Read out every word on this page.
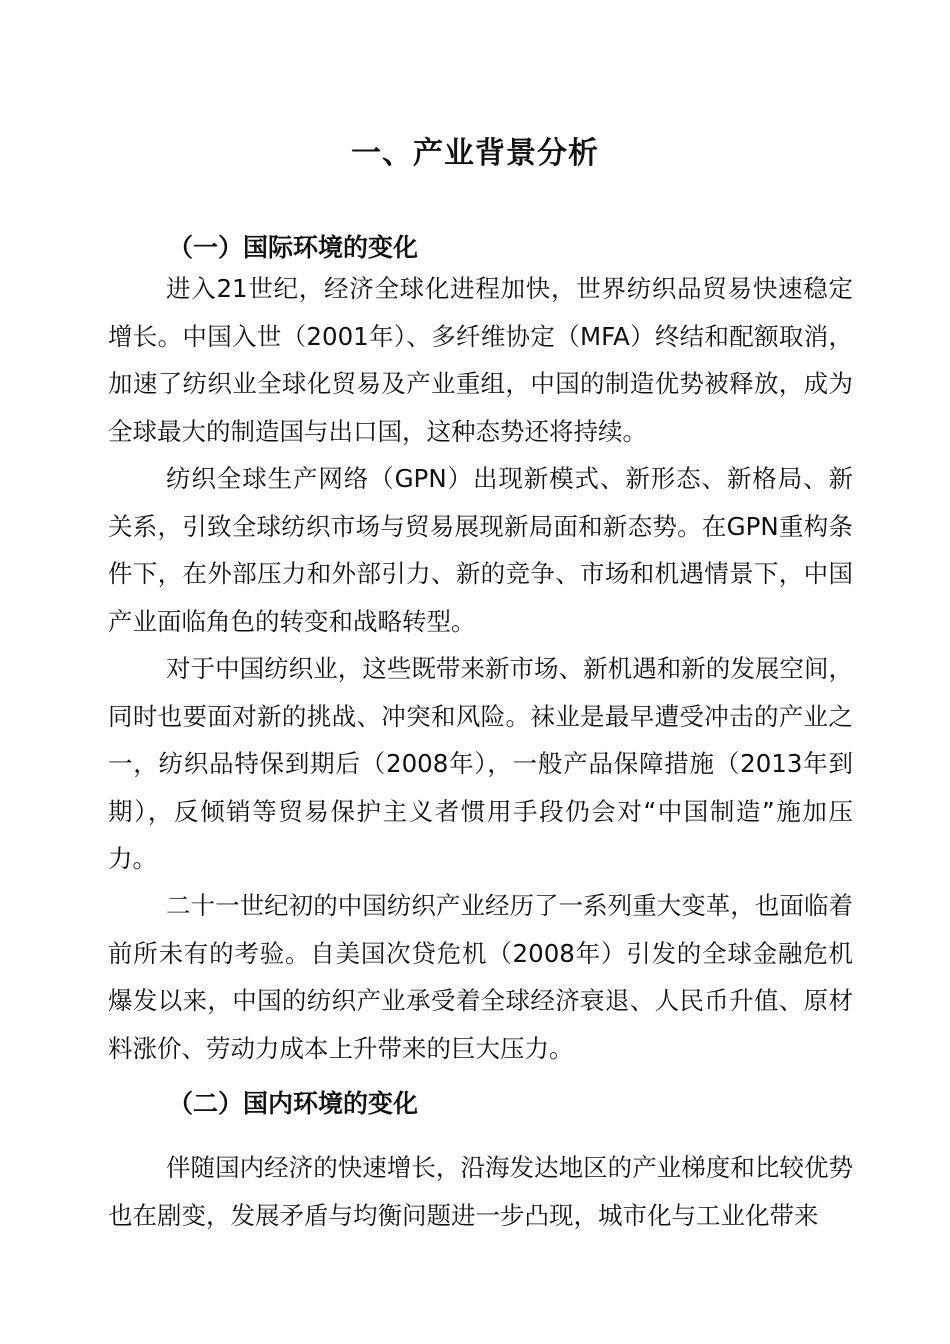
一、产业背景分析
（一）国际环境的变化

进入21世纪，经济全球化进程加快，世界纺织品贸易快速稳定增长。中国入世（2001年）、多纤维协定（MFA）终结和配额取消，加速了纺织业全球化贸易及产业重组，中国的制造优势被释放，成为全球最大的制造国与出口国，这种态势还将持续。

纺织全球生产网络（GPN）出现新模式、新形态、新格局、新关系，引致全球纺织市场与贸易展现新局面和新态势。在GPN重构条件下，在外部压力和外部引力、新的竞争、市场和机遇情景下，中国产业面临角色的转变和战略转型。

对于中国纺织业，这些既带来新市场、新机遇和新的发展空间，同时也要面对新的挑战、冲突和风险。袜业是最早遭受冲击的产业之一，纺织品特保到期后（2008年），一般产品保障措施（2013年到期），反倾销等贸易保护主义者惯用手段仍会对“中国制造”施加压力。

二十一世纪初的中国纺织产业经历了一系列重大变革，也面临着前所未有的考验。自美国次贷危机（2008年）引发的全球金融危机爆发以来，中国的纺织产业承受着全球经济衰退、人民币升值、原材料涨价、劳动力成本上升带来的巨大压力。

（二）国内环境的变化

伴随国内经济的快速增长，沿海发达地区的产业梯度和比较优势也在剧变，发展矛盾与均衡问题进一步凸现，城市化与工业化带来
